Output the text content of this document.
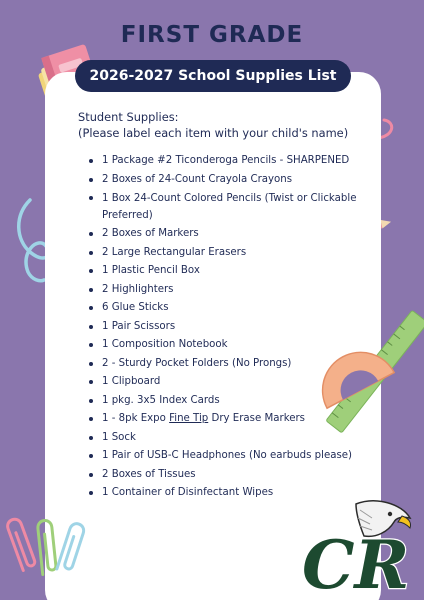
FIRST GRADE
2026-2027 School Supplies List
Student Supplies:
(Please label each item with your child's name)
1 Package #2 Ticonderoga Pencils - SHARPENED
2 Boxes of 24-Count Crayola Crayons
1 Box 24-Count Colored Pencils (Twist or Clickable Preferred)
2 Boxes of Markers
2 Large Rectangular Erasers
1 Plastic Pencil Box
2 Highlighters
6 Glue Sticks
1 Pair Scissors
1 Composition Notebook
2 - Sturdy Pocket Folders (No Prongs)
1 Clipboard
1 pkg. 3x5 Index Cards
1 - 8pk Expo Fine Tip Dry Erase Markers
1 Sock
1 Pair of USB-C Headphones (No earbuds please)
2 Boxes of Tissues
1 Container of Disinfectant Wipes
CR
